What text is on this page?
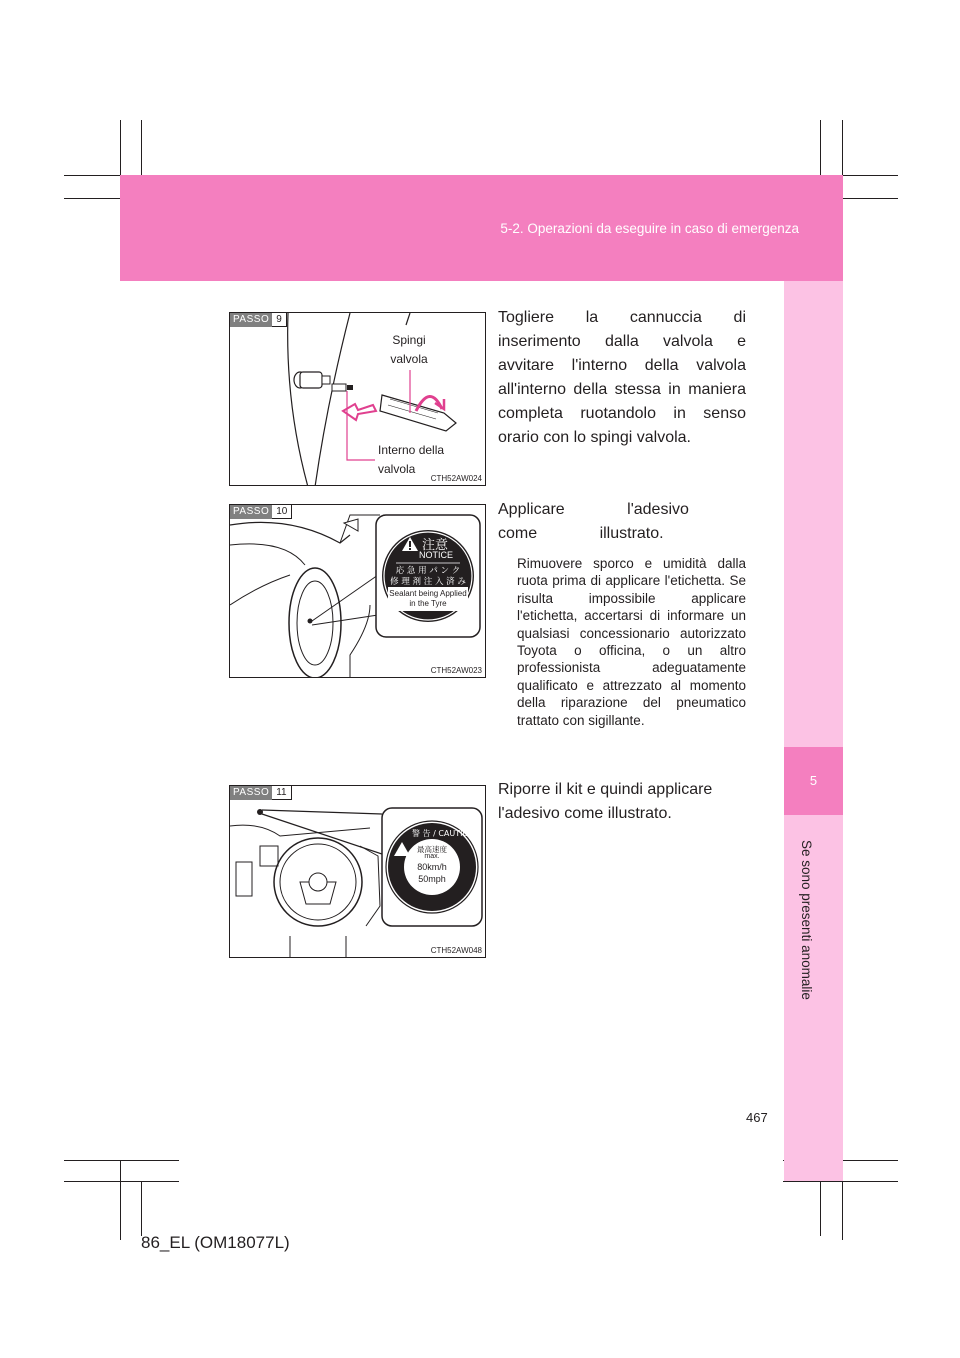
5-2. Operazioni da eseguire in caso di emergenza
5
Se sono presenti anomalie
PASSO 9
Spingi
valvola
Interno della
valvola
CTH52AW024
Togliere la cannuccia di inserimento dalla valvola e avvitare l'interno della valvola all'interno della stessa in maniera completa ruotandolo in senso orario con lo spingi valvola.
PASSO 10
注意
NOTICE
応 急 用 パ ン ク
修 理 剤 注 入 済 み
Sealant being Applied
in the Tyre
CTH52AW023
Applicare l'adesivo come illustrato.
Rimuovere sporco e umidità dalla ruota prima di applicare l'etichetta. Se risulta impossibile applicare l'etichetta, accertarsi di informare un qualsiasi concessionario autorizzato Toyota o officina, o un altro professionista adeguatamente qualificato e attrezzato al momento della riparazione del pneumatico trattato con sigillante.
PASSO 11
警 告 / CAUTION
最高速度
max.
80km/h
50mph
CTH52AW048
Riporre il kit e quindi applicare l'adesivo come illustrato.
467
86_EL (OM18077L)
